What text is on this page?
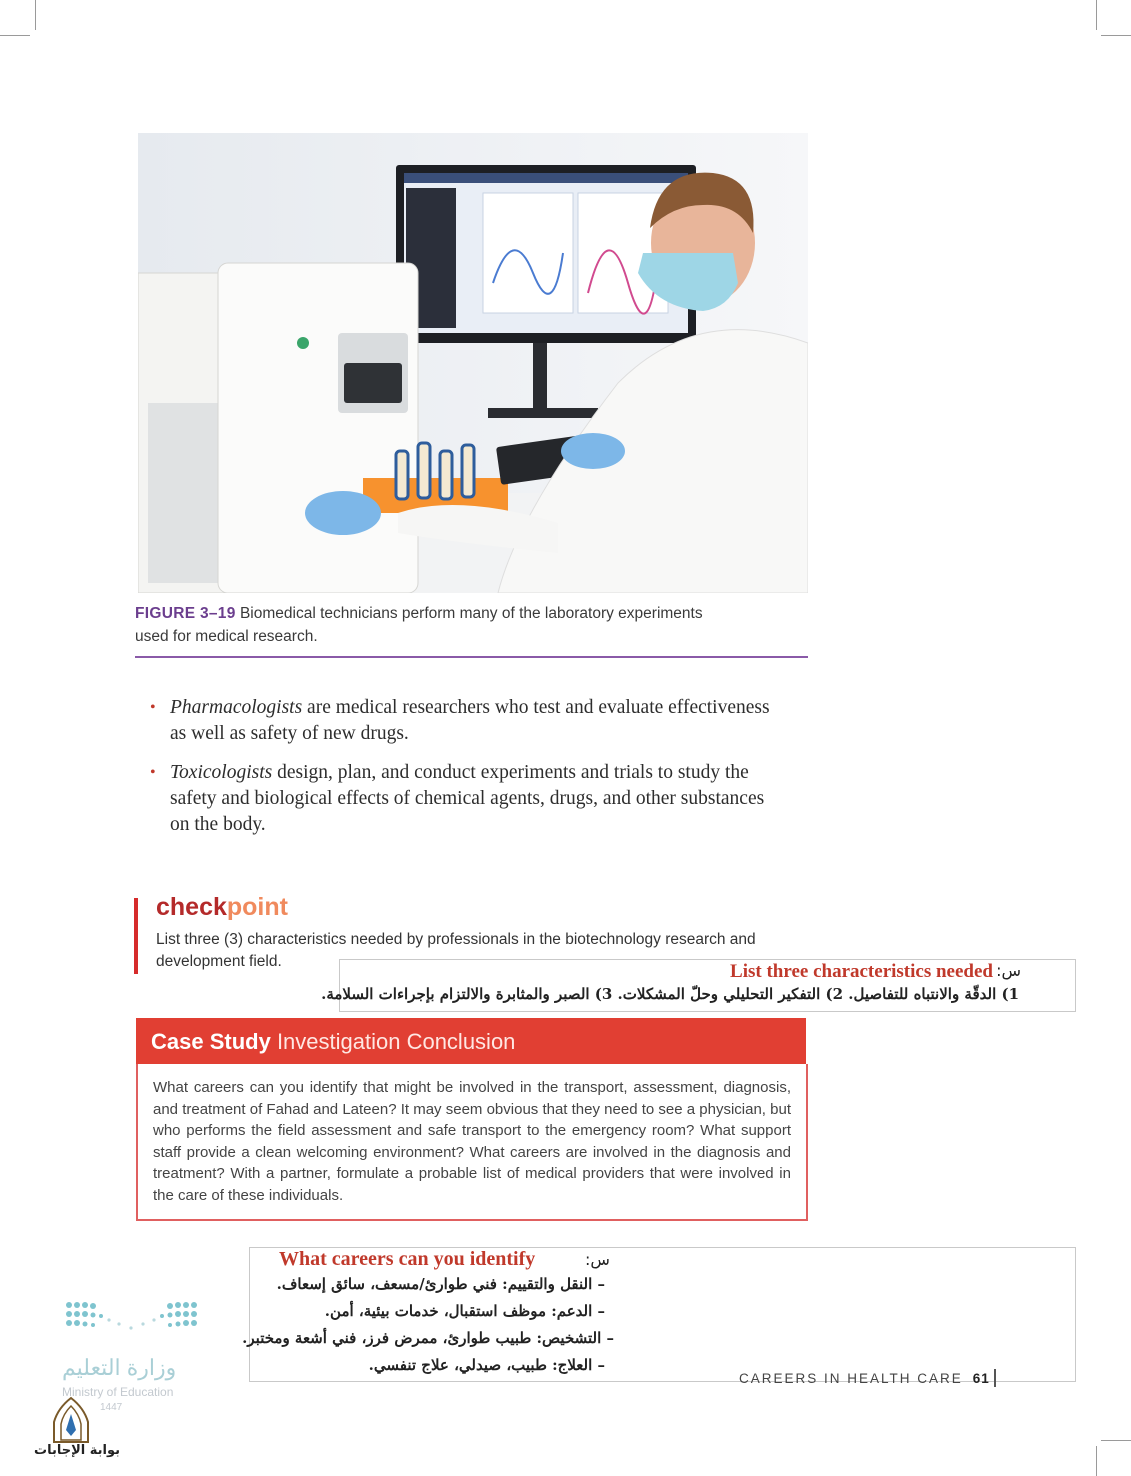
FIGURE 3–19 Biomedical technicians perform many of the laboratory experiments
used for medical research.
• Pharmacologists are medical researchers who test and evaluate effectiveness
as well as safety of new drugs.
• Toxicologists design, plan, and conduct experiments and trials to study the
safety and biological effects of chemical agents, drugs, and other substances
on the body.
checkpoint
List three (3) characteristics needed by professionals in the biotechnology research and
development field.	List three characteristics needed :س
1) الدقّة والانتباه للتفاصيل. 2) التفكير التحليلي وحلّ المشكلات. 3) الصبر والمثابرة والالتزام بإجراءات السلامة.
Case Study Investigation Conclusion
What careers can you identify that might be involved in the transport, assessment, diagnosis, and treatment of Fahad and Lateen? It may seem obvious that they need to see a physician, but who performs the field assessment and safe transport to the emergency room? What support staff provide a clean welcoming environment? What careers are involved in the diagnosis and treatment? With a partner, formulate a probable list of medical providers that were involved in the care of these individuals.
What careers can you identify	:س
– النقل والتقييم: فني طوارئ/مسعف، سائق إسعاف.
– الدعم: موظف استقبال، خدمات بيئية، أمن.
– التشخيص: طبيب طوارئ، ممرض فرز، فني أشعة ومختبر.
– العلاج: طبيب، صيدلي، علاج تنفسي.
CAREERS IN HEALTH CARE 61
وزارة التعليم
Ministry of Education
1447
بوابة الإجابات
